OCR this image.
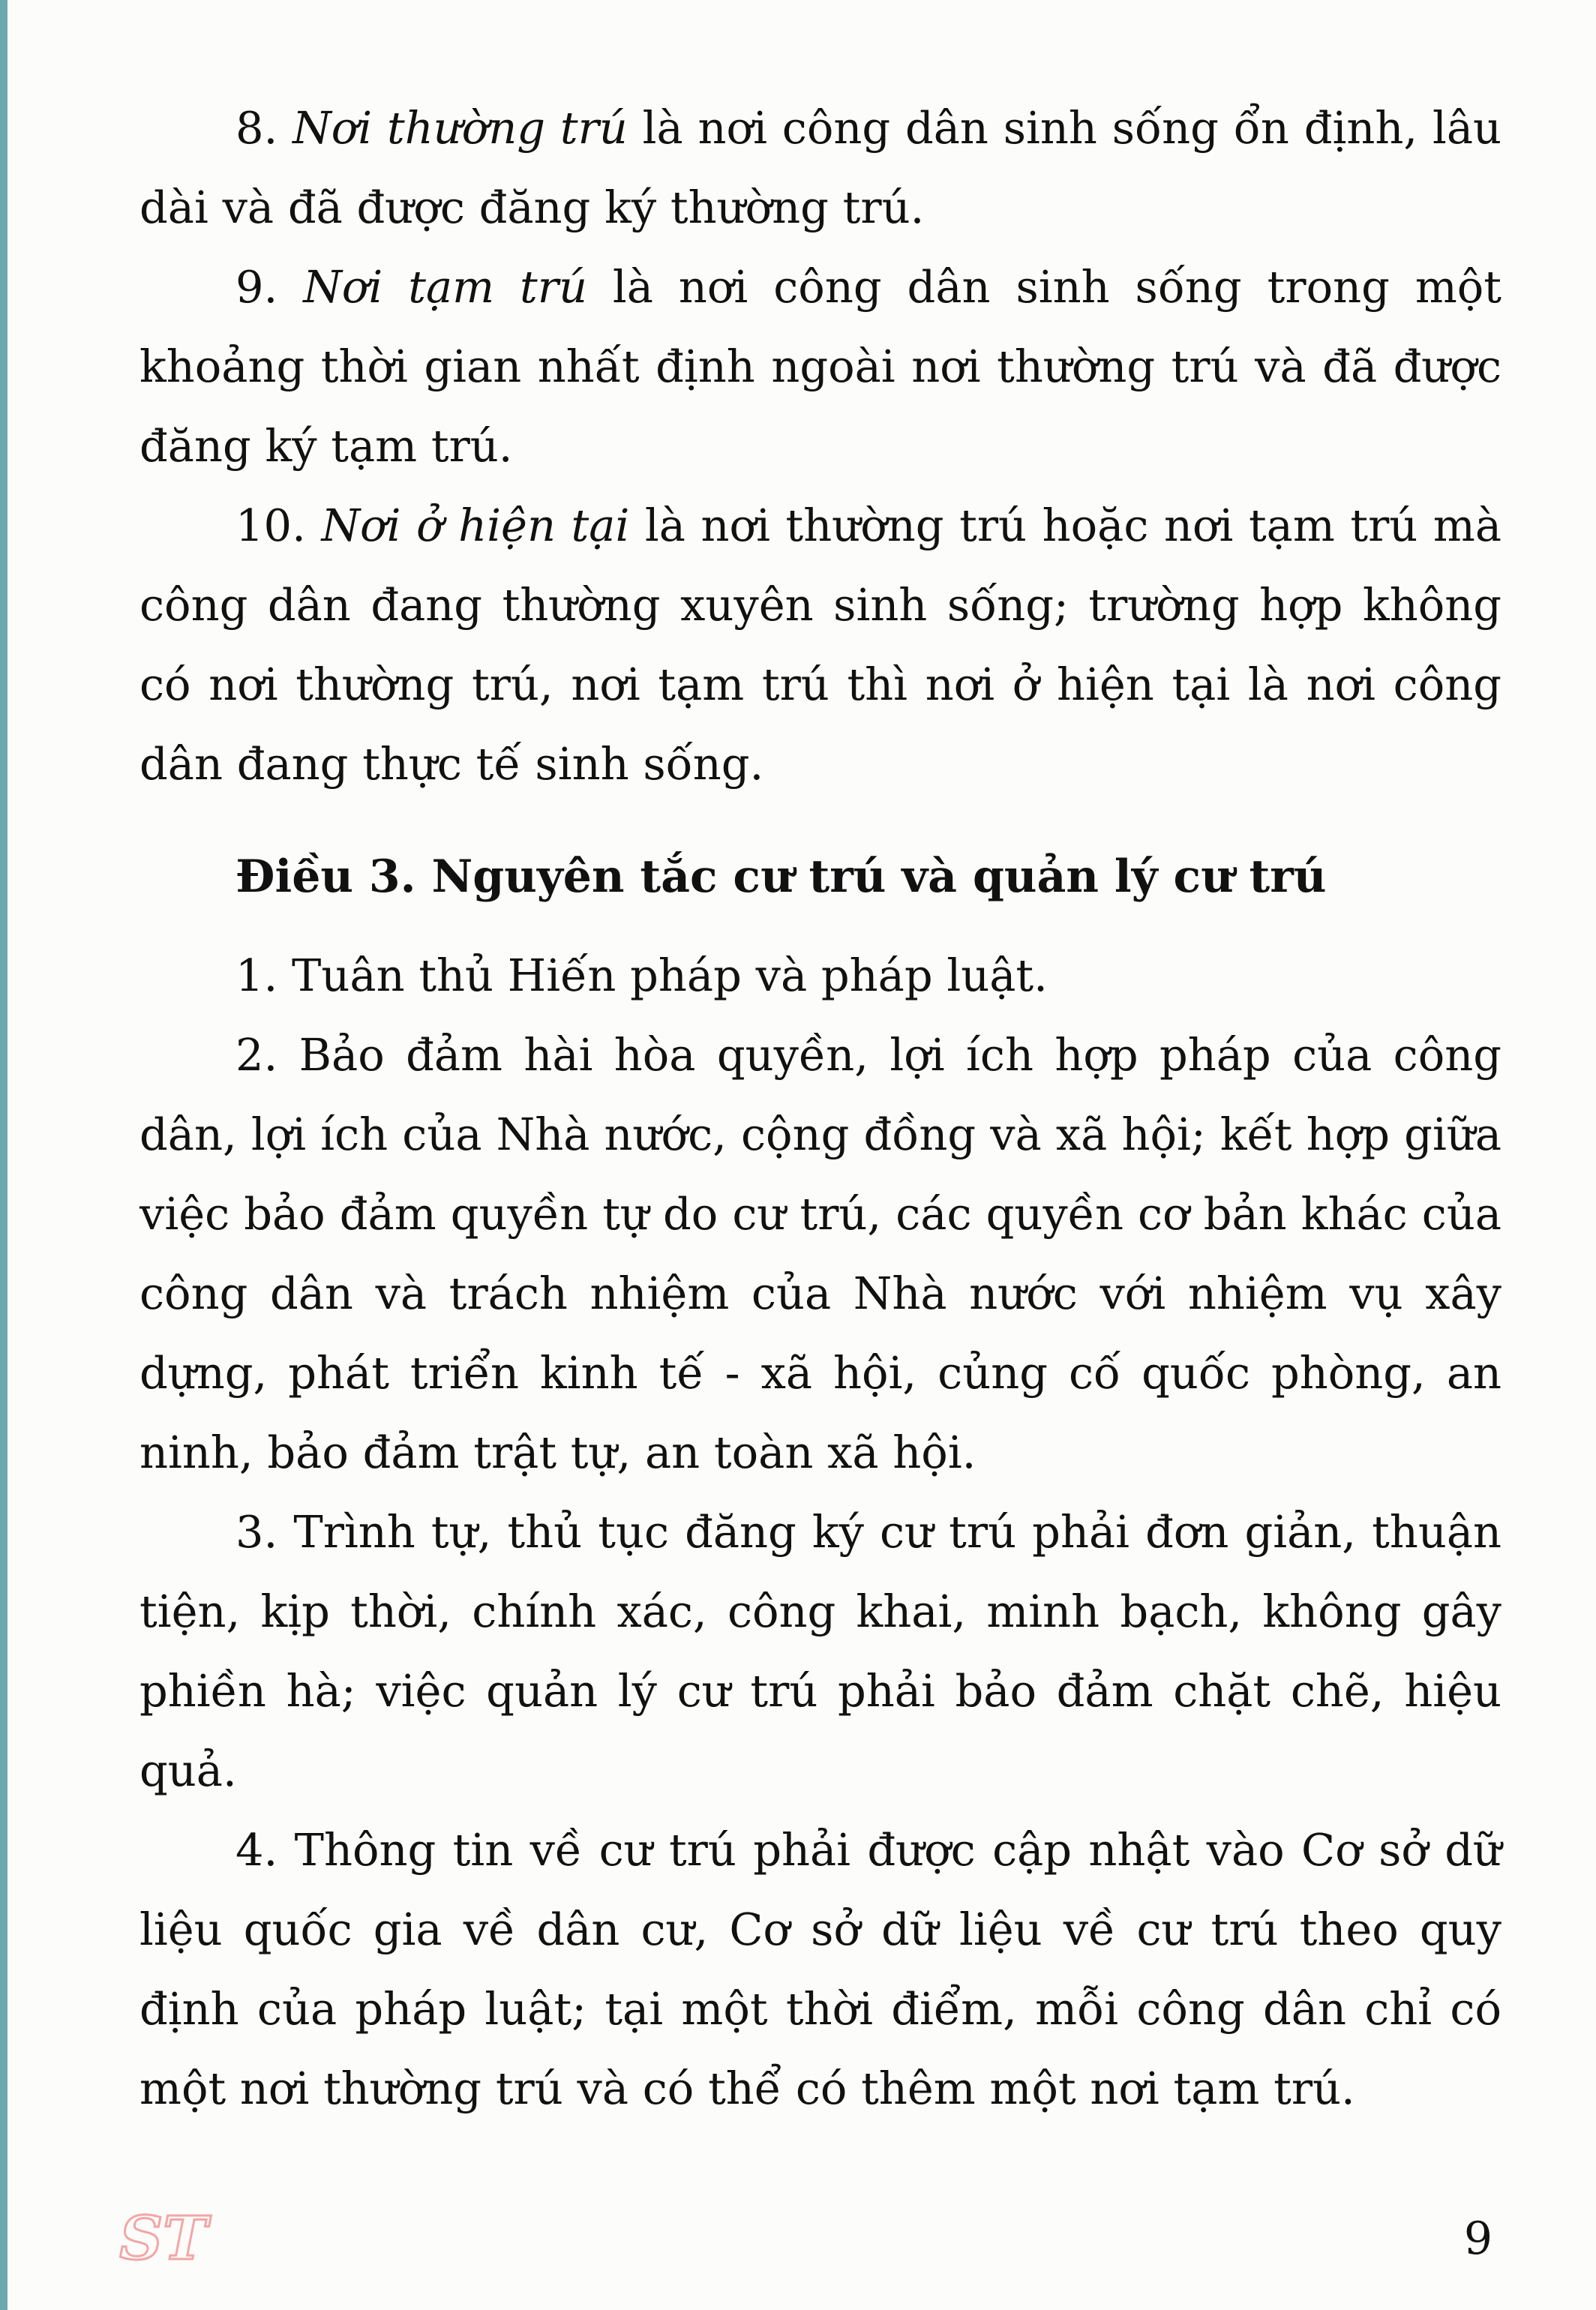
8. Nơi thường trú là nơi công dân sinh sống ổn định, lâu dài và đã được đăng ký thường trú.

9. Nơi tạm trú là nơi công dân sinh sống trong một khoảng thời gian nhất định ngoài nơi thường trú và đã được đăng ký tạm trú.

10. Nơi ở hiện tại là nơi thường trú hoặc nơi tạm trú mà công dân đang thường xuyên sinh sống; trường hợp không có nơi thường trú, nơi tạm trú thì nơi ở hiện tại là nơi công dân đang thực tế sinh sống.

Điều 3. Nguyên tắc cư trú và quản lý cư trú

1. Tuân thủ Hiến pháp và pháp luật.

2. Bảo đảm hài hòa quyền, lợi ích hợp pháp của công dân, lợi ích của Nhà nước, cộng đồng và xã hội; kết hợp giữa việc bảo đảm quyền tự do cư trú, các quyền cơ bản khác của công dân và trách nhiệm của Nhà nước với nhiệm vụ xây dựng, phát triển kinh tế - xã hội, củng cố quốc phòng, an ninh, bảo đảm trật tự, an toàn xã hội.

3. Trình tự, thủ tục đăng ký cư trú phải đơn giản, thuận tiện, kịp thời, chính xác, công khai, minh bạch, không gây phiền hà; việc quản lý cư trú phải bảo đảm chặt chẽ, hiệu quả.

4. Thông tin về cư trú phải được cập nhật vào Cơ sở dữ liệu quốc gia về dân cư, Cơ sở dữ liệu về cư trú theo quy định của pháp luật; tại một thời điểm, mỗi công dân chỉ có một nơi thường trú và có thể có thêm một nơi tạm trú.

ST	9
